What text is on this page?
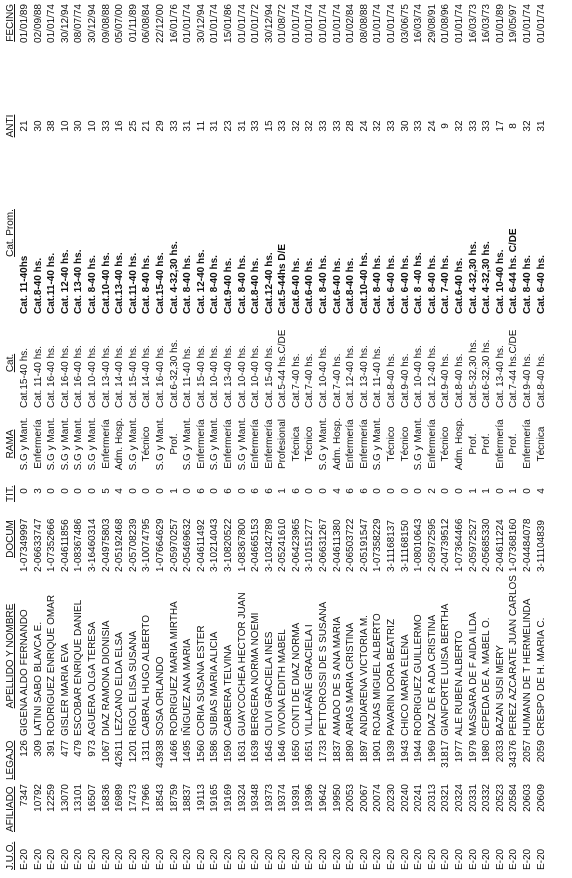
J.U.O.	AFILIADO	LEGAJO	APELLIDO Y NOMBRE	DOCUM	TIT.	RAMA	Cat.	Cat. Prom.	ANTI	FECING
E-20	7347	126	GIGENA ALDO FERNANDO	1-07349997	0	S.G y Mant.	Cat.15-40 hs.	Cat. 11-40hs	21	01/01/89
E-20	10792	309	LATINI SABO BLAVCA E.	2-06633747	3	Enfermería	Cat. 11-40 hs.	Cat.8-40 hs.	30	02/09/88
E-20	12259	391	RODRIGUEZ ENRIQUE OMAR	1-07352666	0	S.G y Mant.	Cat. 16-40 hs.	Cat.11-40 hs.	38	01/01/74
E-20	13070	477	GISLER MARIA EVA	2-04611856	0	S.G y Mant.	Cat. 16-40 hs.	Cat. 12-40 hs.	10	30/12/94
E-20	13101	479	ESCOBAR ENRIQUE DANIEL	1-08367486	0	S.G y Mant.	Cat. 16-40 hs.	Cat. 13-40 hs.	30	08/07/74
E-20	16507	973	AGUERA OLGA TERESA	3-16460314	0	S.G y Mant.	Cat. 10-40 hs.	Cat. 8-40 hs.	10	30/12/94
E-20	16836	1067	DIAZ RAMONA DIONISIA	2-04975803	5	Enfermería	Cat. 13-40 hs.	Cat.10-40 hs.	33	09/08/88
E-20	16989	42611	LEZCANO ELDA ELSA	2-05192468	4	Adm. Hosp.	Cat. 14-40 hs.	Cat.13-40 hs.	16	05/07/00
E-20	17473	1201	RIGOL ELISA SUSANA	2-05708239	0	S.G y Mant.	Cat. 15-40 hs.	Cat.11-40 hs.	25	01/11/89
E-20	17966	1311	CABRAL HUGO ALBERTO	3-10074795	0	Técnico	Cat. 14-40 hs.	Cat. 8-40 hs.	21	06/08/84
E-20	18543	43938	SOSA ORLANDO	1-07664629	0	S.G y Mant.	Cat. 16-40 hs.	Cat.15-40 hs.	29	22/12/00
E-20	18759	1466	RODRIGUEZ MARIA MIRTHA	2-05970257	1	Prof.	Cat.6-32,30 hs.	Cat. 4-32,30 hs.	33	16/01/76
E-20	18837	1495	IÑIGUEZ ANA MARIA	2-05469632	0	S.G y Mant.	Cat. 11-40 hs.	Cat. 8-40 hs.	31	01/01/74
E-20	19113	1560	CORIA SUSANA ESTER	2-04611492	6	Enfermería	Cat. 15-40 hs.	Cat. 12-40 hs.	11	30/12/94
E-20	19165	1586	SUBIAS MARIA ALICIA	3-10214043	0	S.G y Mant.	Cat. 10-40 hs.	Cat. 8-40 hs.	31	01/01/74
E-20	19169	1590	CABRERA TELVINA	3-10820522	6	Enfermería	Cat. 13-40 hs.	Cat.9-40 hs.	23	15/01/86
E-20	19324	1631	GUAYCOCHEA HECTOR JUAN	1-08367800	0	S.G y Mant.	Cat. 10-40 hs.	Cat. 8-40 hs.	31	01/01/74
E-20	19348	1639	BERGERA NORMA NOEMI	2-04665153	6	Enfermería	Cat. 10-40 hs.	Cat.8-40 hs.	33	01/01/72
E-20	19373	1645	OLIVI GRACIELA INES	3-10342789	6	Enfermería	Cat. 15-40 hs.	Cat.12-40 hs.	15	30/12/94
E-20	19374	1646	VIVONA EDITH MABEL	2-05241610	1	Profesional	Cat.5-44 hs.C/DE	Cat.5-44hs D/E	33	01/08/72
E-20	19391	1650	CONTI DE DIAZ NORMA	2-06423965	6	Técnica	Cat.7-40 hs.	Cat.6-40 hs.	32	01/01/74
E-20	19396	1651	VILLAFAÑE GRACIELA I	3-10151277	0	Técnico	Cat.7-40 hs.	Cat.6-40 hs.	32	01/01/74
E-20	19642	1733	PETTOROSSI DE S SUSANA	2-06631267	0	S.G y Mant.	Cat. 10-40 hs.	Cat. 8-40 hs.	33	01/01/74
E-20	19950	1837	AMADO DE S ANA MARIA	2-04611380	4	Adm. Hosp.	Cat.7-40 hs.	Cat.6-40 hs.	33	01/01/74
E-20	20053	1890	ARIAS MARIA CRISTINA	2-06503722	6	Enfermería	Cat. 12-40 hs.	Cat.8-40 hs.	28	01/02/84
E-20	20067	1897	ANDIARENA VICTORIA M.	2-05191547	6	Enfermería	Cat. 13-40 hs.	Cat.10-40 hs.	24	08/08/88
E-20	20074	1901	ROJAS MIGUEL ALBERTO	1-07358229	0	S.G y Mant.	Cat. 11-40 hs.	Cat. 8-40 hs.	32	01/01/74
E-20	20230	1939	PAVARIN DORA BEATRIZ	3-11168137	0	Técnico	Cat.8-40 hs.	Cat. 6-40 hs.	33	01/01/74
E-20	20240	1943	CHICO MARIA ELENA	3-11168150	0	Técnico	Cat.9-40 hs.	Cat. 6-40 hs.	30	03/06/75
E-20	20241	1944	RODRIGUEZ GUILLERMO	1-08010643	0	S.G y Mant.	Cat. 10-40 hs.	Cat. 8 -40 hs.	33	16/03/74
E-20	20313	1969	DIAZ DE R ADA CRISTINA	2-05972595	2	Enfermería	Cat. 12-40 hs.	Cat. 8-40 hs.	24	29/08/91
E-20	20321	31817	GIANFORTE LUISA BERTHA	2-04739512	0	Técnico	Cat.9-40 hs.	Cat. 7-40 hs.	9	01/08/96
E-20	20324	1977	ALE RUBEN ALBERTO	1-07364466	0	Adm. Hosp.	Cat.8-40 hs.	Cat.6-40 hs.	32	01/01/74
E-20	20331	1979	MASSARA DE F AIDA ILDA	2-05972527	1	Prof.	Cat.5-32,30 hs.	Cat. 4-32,30 hs.	33	16/03/73
E-20	20332	1980	CEPEDA DE A. MABEL O.	2-05685330	1	Prof.	Cat.6-32,30 hs.	Cat. 4-32,30 hs.	33	16/03/73
E-20	20523	2033	BAZAN SUSI MERY	2-04611224	0	Enfermería	Cat. 13-40 hs.	Cat. 10-40 hs.	17	01/01/89
E-20	20584	34376	PEREZ AZCARATE JUAN CARLOS	1-07368160	1	Prof.	Cat.7-44 hs.C/DE	Cat. 6-44 hs. C/DE	8	19/05/97
E-20	20603	2057	HUMANN DE T HERMELINDA	2-04484078	0	Enfermería	Cat.9-40 hs.	Cat. 8-40 hs.	32	01/01/74
E-20	20609	2059	CRESPO DE H. MARIA C.	3-11104839	4	Técnica	Cat.8-40 hs.	Cat. 6-40 hs.	31	01/01/74
